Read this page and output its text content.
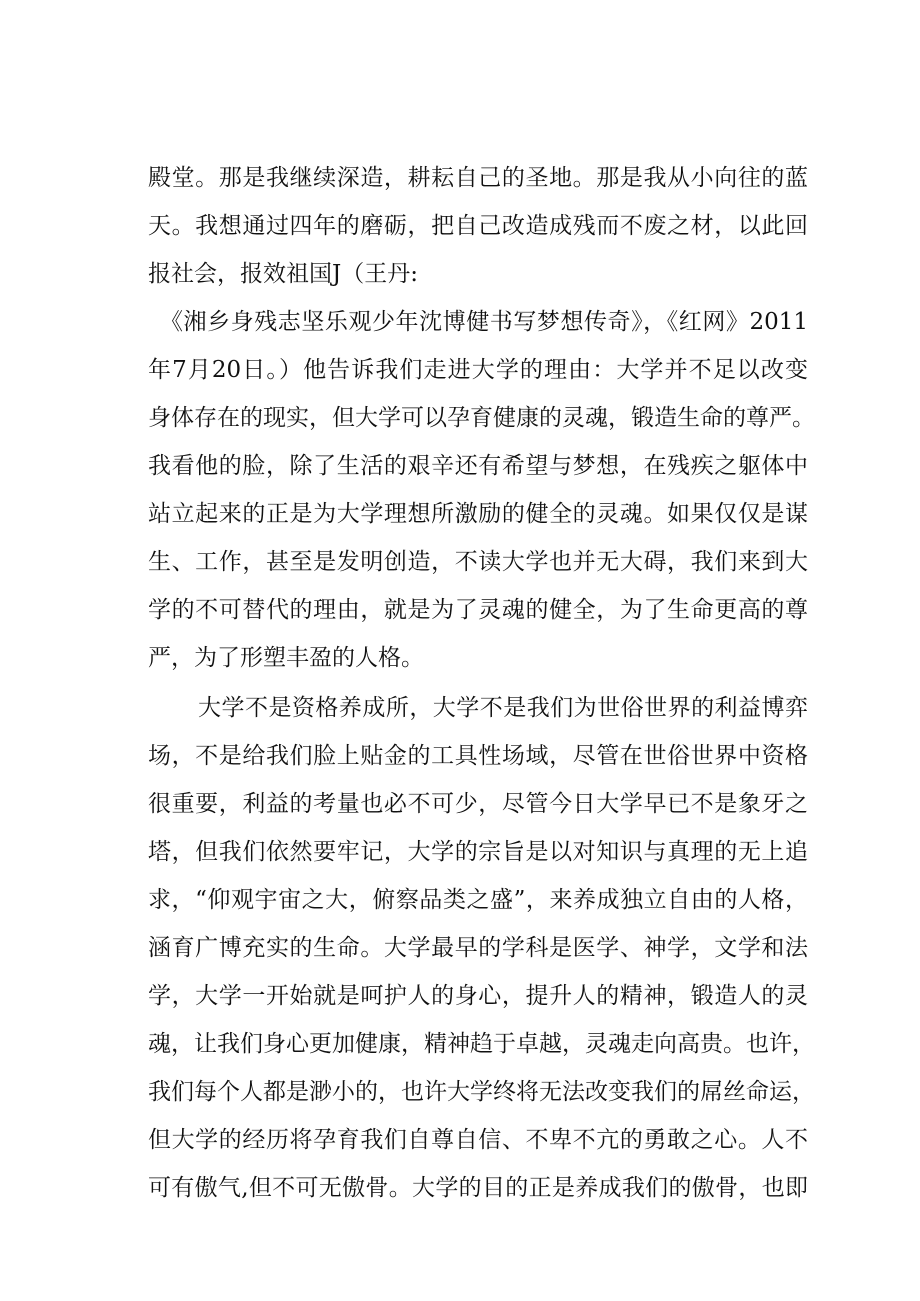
殿堂。那是我继续深造，耕耘自己的圣地。那是我从小向往的蓝
天。我想通过四年的磨砺，把自己改造成残而不废之材，以此回
报社会，报效祖国J（王丹:
《湘乡身残志坚乐观少年沈博健书写梦想传奇》，《红网》2011
年7月20日。）他告诉我们走进大学的理由：大学并不足以改变
身体存在的现实，但大学可以孕育健康的灵魂，锻造生命的尊严。
我看他的脸，除了生活的艰辛还有希望与梦想，在残疾之躯体中
站立起来的正是为大学理想所激励的健全的灵魂。如果仅仅是谋
生、工作，甚至是发明创造，不读大学也并无大碍，我们来到大
学的不可替代的理由，就是为了灵魂的健全，为了生命更高的尊
严，为了形塑丰盈的人格。
大学不是资格养成所，大学不是我们为世俗世界的利益博弈
场，不是给我们脸上贴金的工具性场域，尽管在世俗世界中资格
很重要，利益的考量也必不可少，尽管今日大学早已不是象牙之
塔，但我们依然要牢记，大学的宗旨是以对知识与真理的无上追
求，“仰观宇宙之大，俯察品类之盛”，来养成独立自由的人格，
涵育广博充实的生命。大学最早的学科是医学、神学，文学和法
学，大学一开始就是呵护人的身心，提升人的精神，锻造人的灵
魂，让我们身心更加健康，精神趋于卓越，灵魂走向高贵。也许，
我们每个人都是渺小的，也许大学终将无法改变我们的屌丝命运，
但大学的经历将孕育我们自尊自信、不卑不亢的勇敢之心。人不
可有傲气,但不可无傲骨。大学的目的正是养成我们的傲骨，也即
